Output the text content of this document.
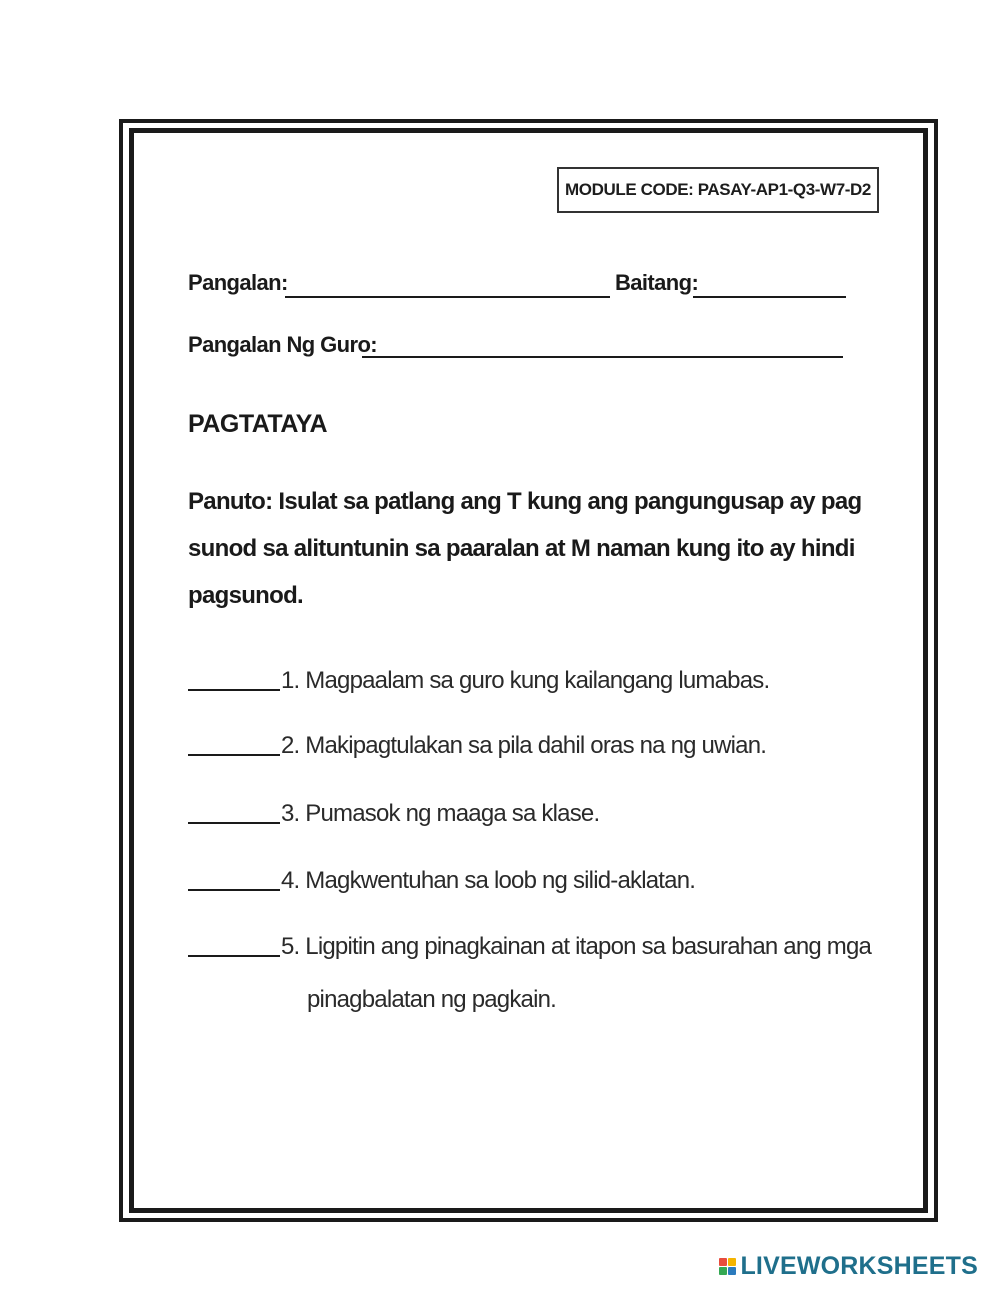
MODULE CODE: PASAY-AP1-Q3-W7-D2
Pangalan:	Baitang:
Pangalan Ng Guro:
PAGTATAYA
Panuto: Isulat sa patlang ang T kung ang pangungusap ay pag sunod sa alituntunin sa paaralan at M naman kung ito ay hindi pagsunod.
1. Magpaalam sa guro kung kailangang lumabas.
2. Makipagtulakan sa pila dahil oras na ng uwian.
3. Pumasok ng maaga sa klase.
4. Magkwentuhan sa loob ng silid-aklatan.
5. Ligpitin ang pinagkainan at itapon sa basurahan ang mga
pinagbalatan ng pagkain.
LIVEWORKSHEETS
